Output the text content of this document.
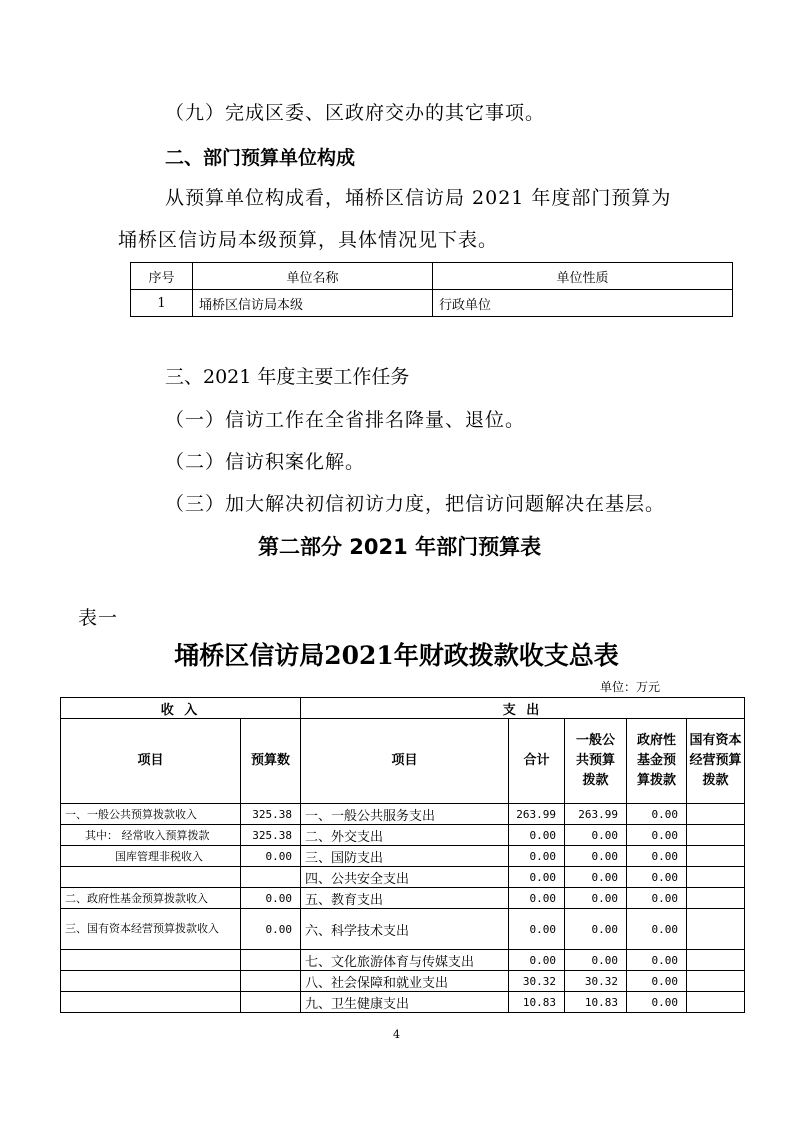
（九）完成区委、区政府交办的其它事项。
二、部门预算单位构成
从预算单位构成看，埇桥区信访局 2021 年度部门预算为
埇桥区信访局本级预算，具体情况见下表。
序号	单位名称	单位性质
1	埇桥区信访局本级	行政单位
三、2021 年度主要工作任务
（一）信访工作在全省排名降量、退位。
（二）信访积案化解。
（三）加大解决初信初访力度，把信访问题解决在基层。
第二部分 2021 年部门预算表
表一
埇桥区信访局2021年财政拨款收支总表
单位：万元
收 入		支 出				
项目	预算数	项目	合计	一般公共预算拨款	政府性基金预算拨款	国有资本经营预算拨款
一、一般公共预算拨款收入	325.38	一、一般公共服务支出	263.99	263.99	0.00	
其中： 经常收入预算拨款	325.38	二、外交支出	0.00	0.00	0.00	
国库管理非税收入	0.00	三、国防支出	0.00	0.00	0.00	
		四、公共安全支出	0.00	0.00	0.00	
二、政府性基金预算拨款收入	0.00	五、教育支出	0.00	0.00	0.00	
三、国有资本经营预算拨款收入	0.00	六、科学技术支出	0.00	0.00	0.00	
		七、文化旅游体育与传媒支出	0.00	0.00	0.00	
		八、社会保障和就业支出	30.32	30.32	0.00	
		九、卫生健康支出	10.83	10.83	0.00	
4
